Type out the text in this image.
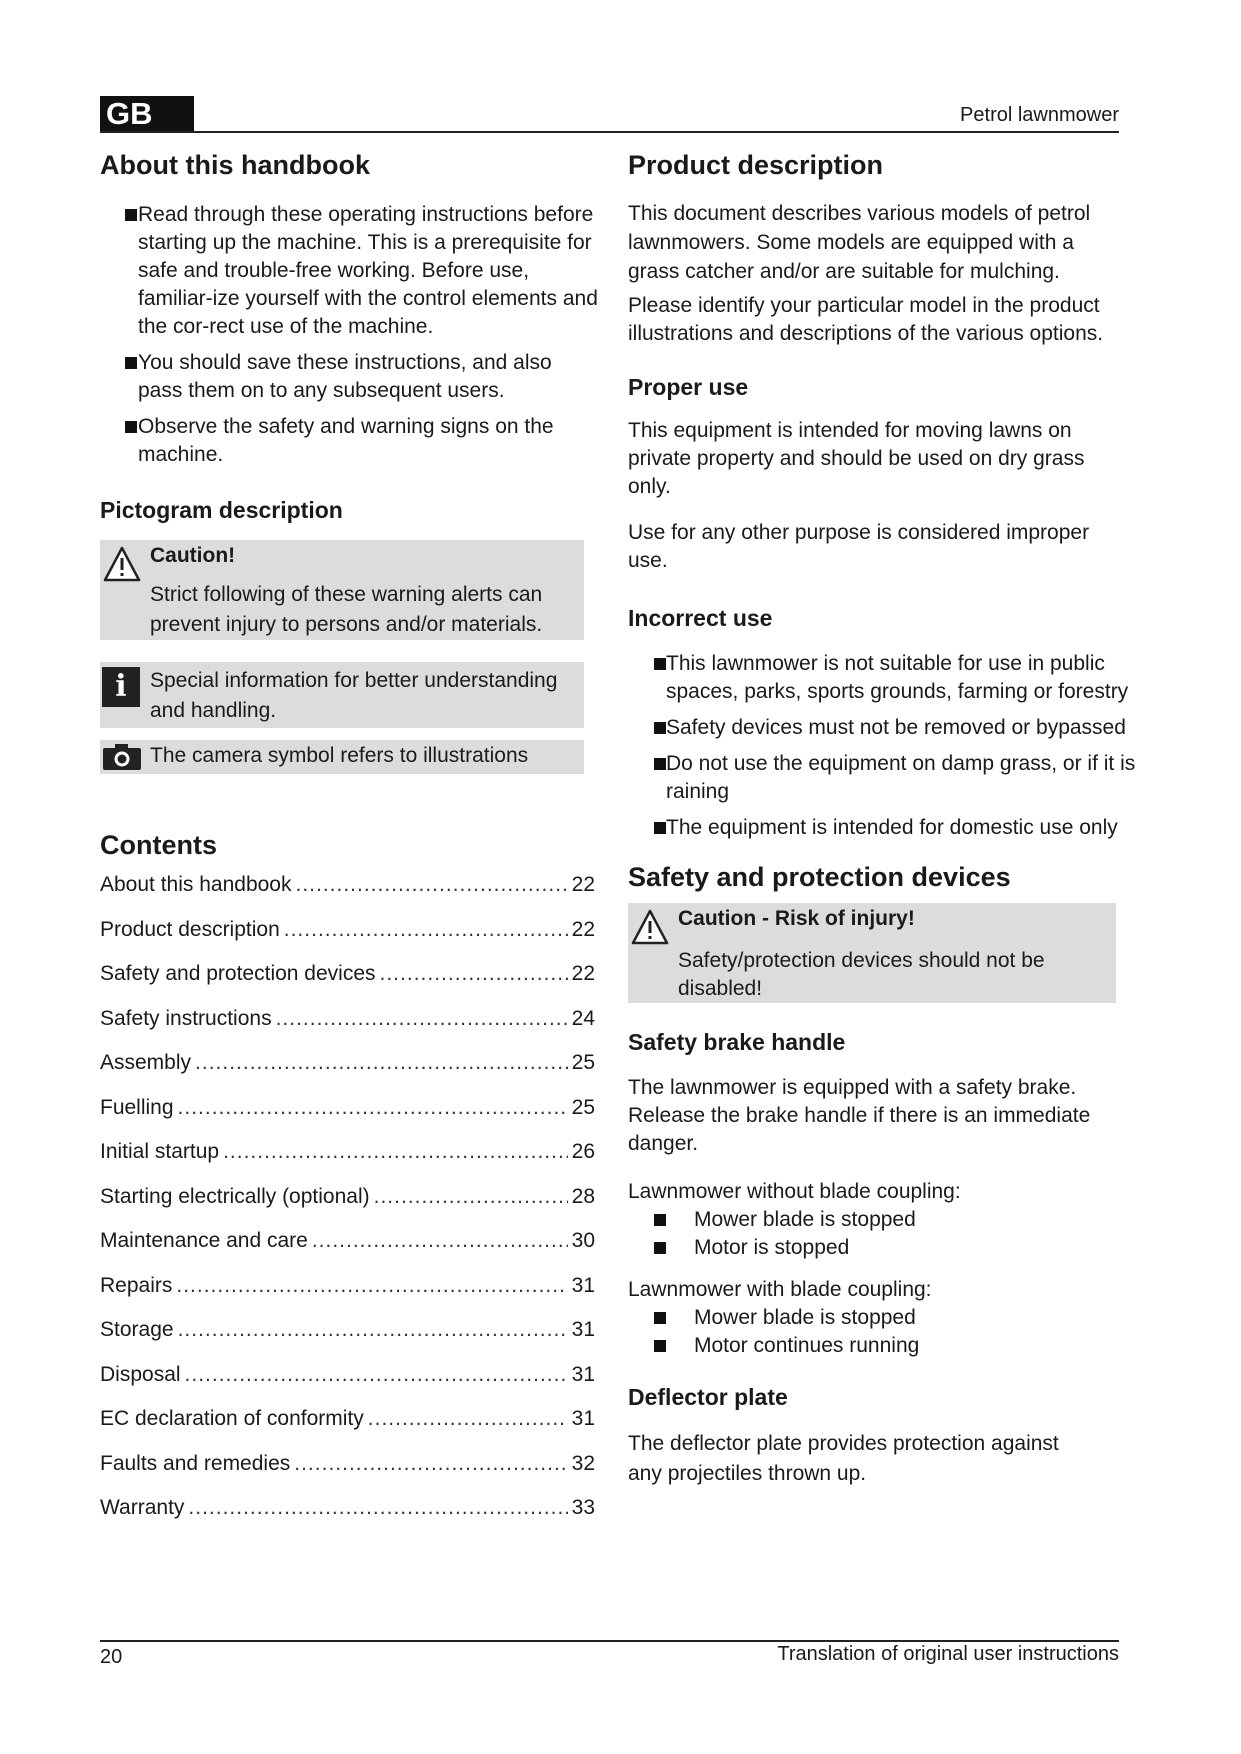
GB	Petrol lawnmower
About this handbook
Read through these operating instructions before starting up the machine. This is a prerequisite for safe and trouble-free working. Before use, familiar-ize yourself with the control elements and the cor-rect use of the machine.
You should save these instructions, and also pass them on to any subsequent users.
Observe the safety and warning signs on the machine.
Pictogram description
Caution!

Strict following of these warning alerts can prevent injury to persons and/or materials.

i	Special information for better understanding and handling.

The camera symbol refers to illustrations

Contents
About this handbook .....	22
Product description .....	22
Safety and protection devices .....	22
Safety instructions .....	24
Assembly .....	25
Fuelling .....	25
Initial startup .....	26
Starting electrically (optional) .....	28
Maintenance and care .....	30
Repairs .....	31
Storage .....	31
Disposal .....	31
EC declaration of conformity .....	31
Faults and remedies .....	32
Warranty .....	33
Product description

This document describes various models of petrol lawnmowers. Some models are equipped with a grass catcher and/or are suitable for mulching.

Please identify your particular model in the product illustrations and descriptions of the various options.

Proper use

This equipment is intended for moving lawns on private property and should be used on dry grass only.

Use for any other purpose is considered improper use.

Incorrect use
This lawnmower is not suitable for use in public spaces, parks, sports grounds, farming or forestry
Safety devices must not be removed or bypassed
Do not use the equipment on damp grass, or if it is raining
The equipment is intended for domestic use only
Safety and protection devices
Caution - Risk of injury!

Safety/protection devices should not be disabled!

Safety brake handle

The lawnmower is equipped with a safety brake. Release the brake handle if there is an immediate danger.

Lawnmower without blade coupling:

Mower blade is stopped
Motor is stopped

Lawnmower with blade coupling:

Mower blade is stopped
Motor continues running
Deflector plate

The deflector plate provides protection against any projectiles thrown up.

20	Translation of original user instructions
